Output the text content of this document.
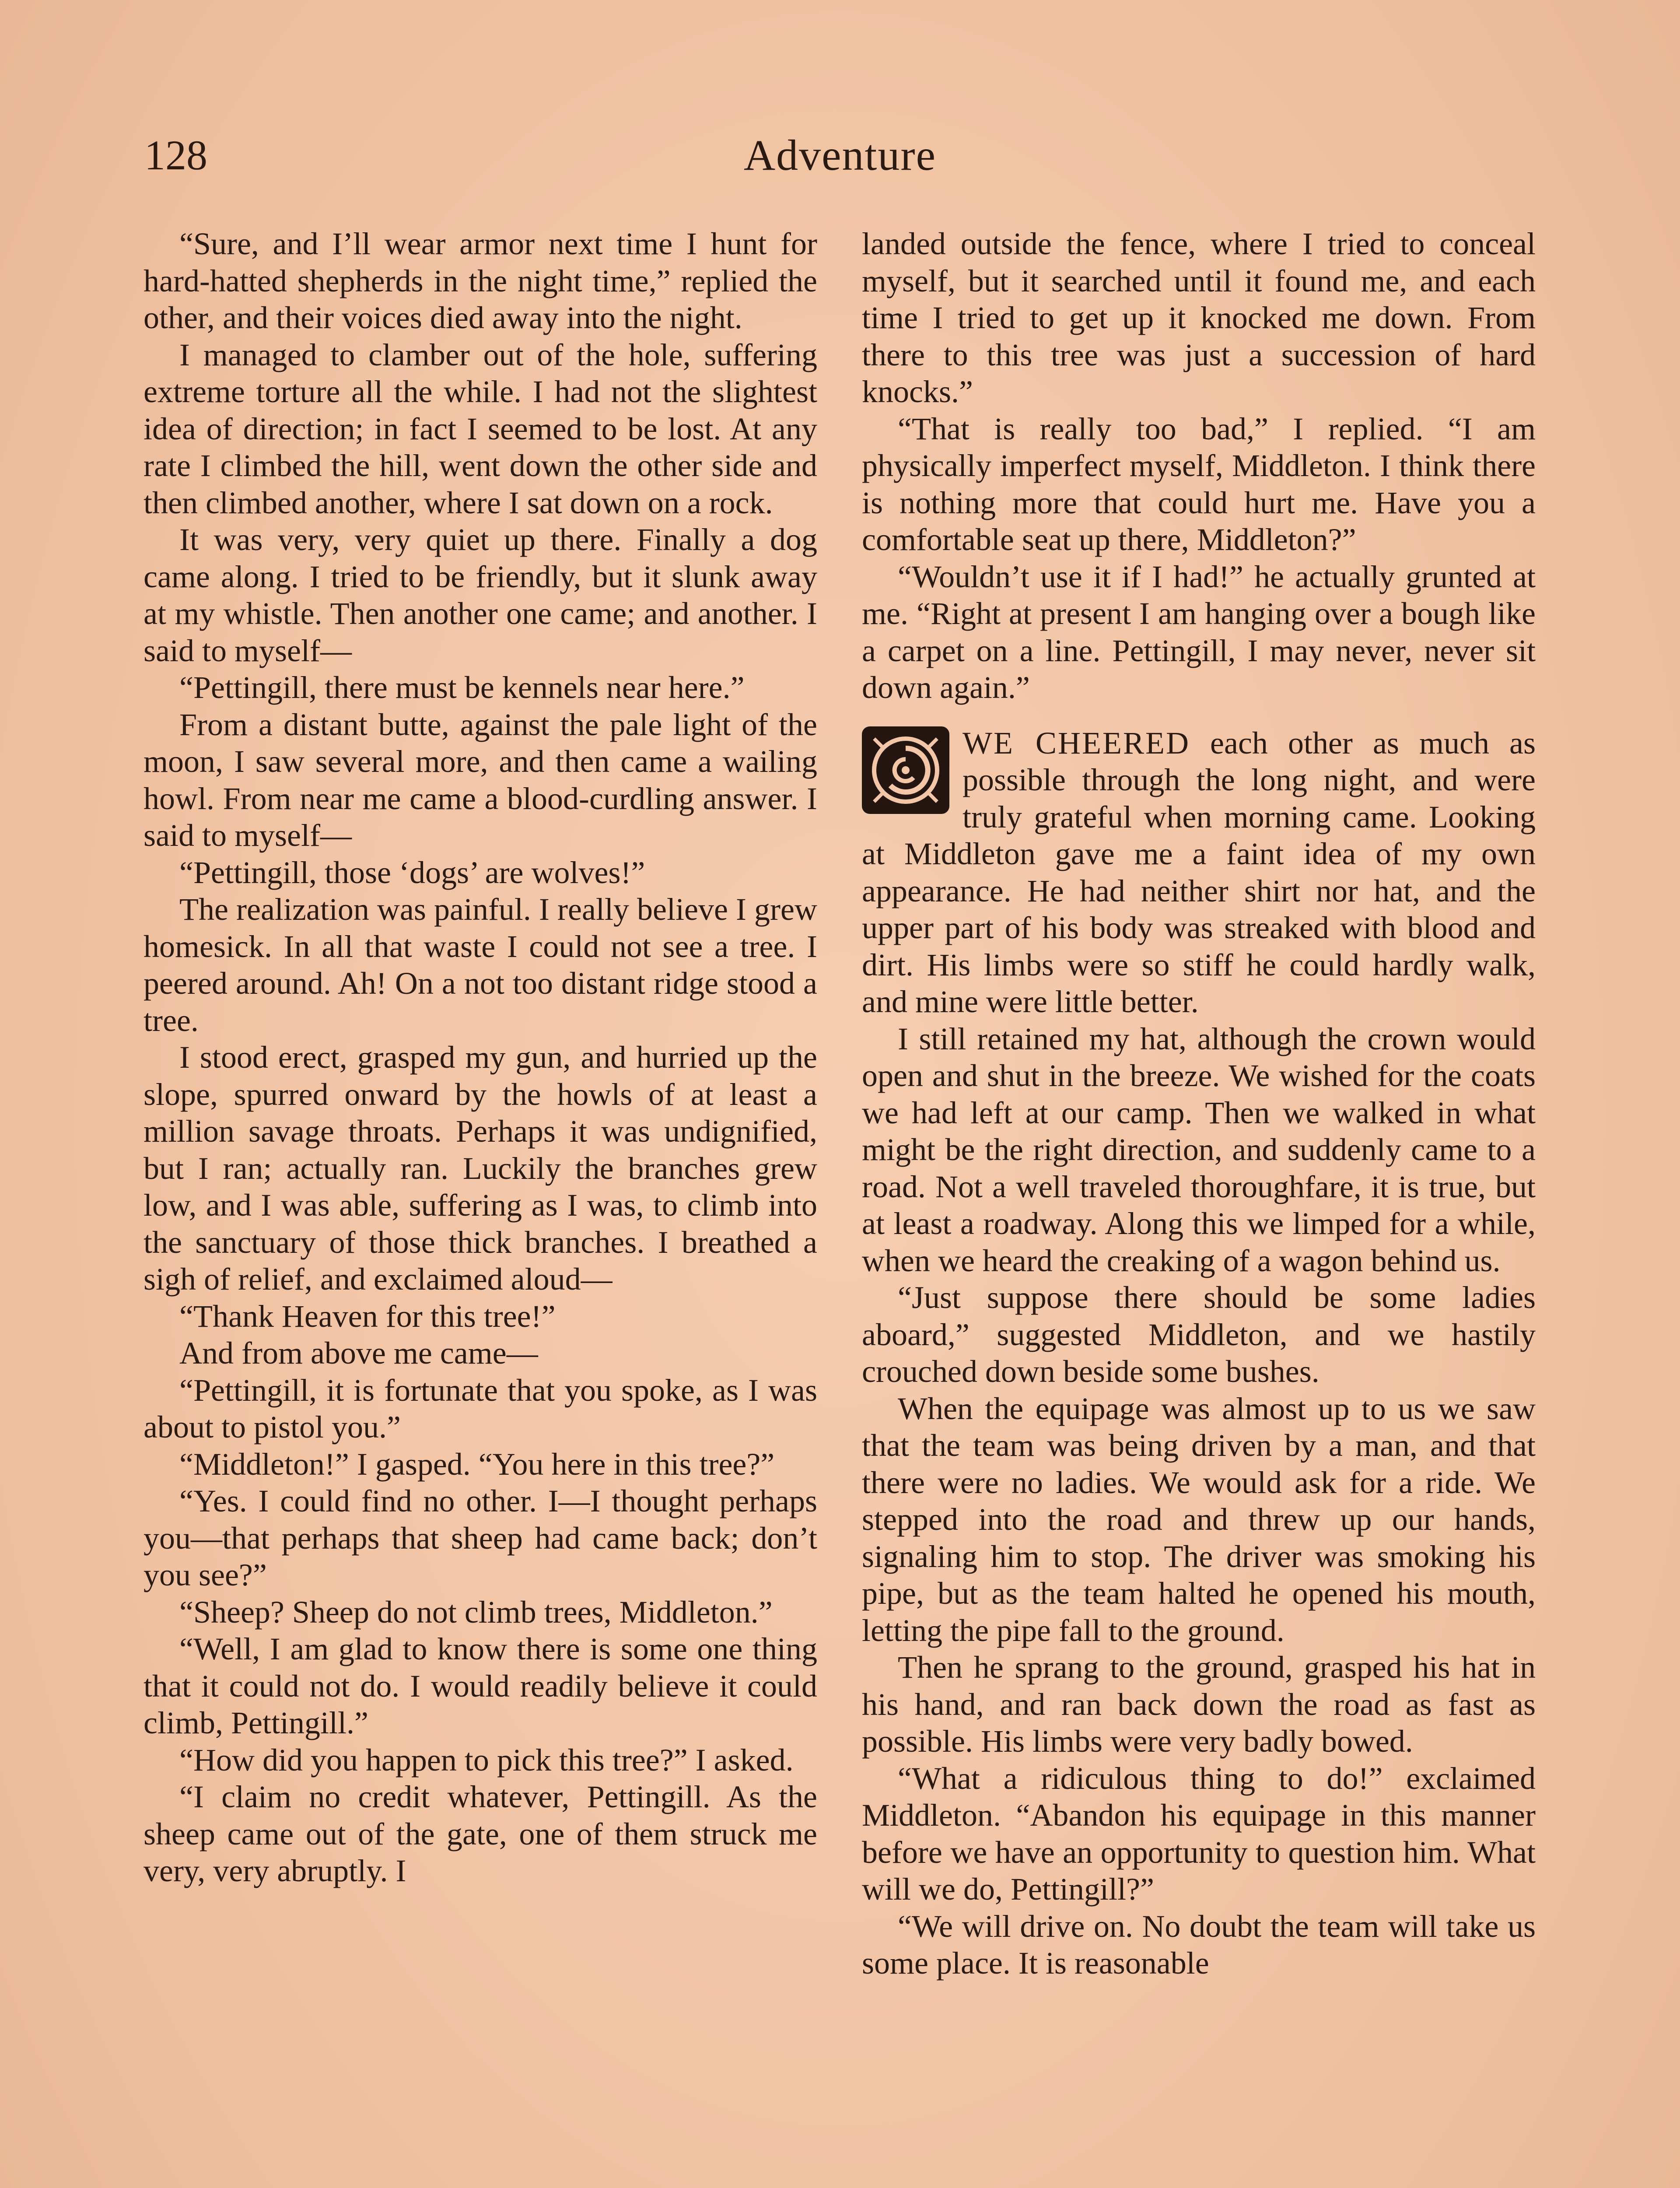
128	Adventure

“Sure, and I’ll wear armor next time I hunt for hard-hatted shepherds in the night time,” replied the other, and their voices died away into the night.

I managed to clamber out of the hole, suffering extreme torture all the while. I had not the slightest idea of direction; in fact I seemed to be lost. At any rate I climbed the hill, went down the other side and then climbed another, where I sat down on a rock.

It was very, very quiet up there. Finally a dog came along. I tried to be friendly, but it slunk away at my whistle. Then another one came; and another. I said to myself—

“Pettingill, there must be kennels near here.”

From a distant butte, against the pale light of the moon, I saw several more, and then came a wailing howl. From near me came a blood-curdling answer. I said to myself—

“Pettingill, those ‘dogs’ are wolves!”

The realization was painful. I really believe I grew homesick. In all that waste I could not see a tree. I peered around. Ah! On a not too distant ridge stood a tree.

I stood erect, grasped my gun, and hurried up the slope, spurred onward by the howls of at least a million savage throats. Perhaps it was undignified, but I ran; actually ran. Luckily the branches grew low, and I was able, suffering as I was, to climb into the sanctuary of those thick branches. I breathed a sigh of relief, and exclaimed aloud—

“Thank Heaven for this tree!”

And from above me came—

“Pettingill, it is fortunate that you spoke, as I was about to pistol you.”

“Middleton!” I gasped. “You here in this tree?”

“Yes. I could find no other. I—I thought perhaps you—that perhaps that sheep had came back; don’t you see?”

“Sheep? Sheep do not climb trees, Middleton.”

“Well, I am glad to know there is some one thing that it could not do. I would readily believe it could climb, Pettingill.”

“How did you happen to pick this tree?” I asked.

“I claim no credit whatever, Pettingill. As the sheep came out of the gate, one of them struck me very, very abruptly. I

landed outside the fence, where I tried to conceal myself, but it searched until it found me, and each time I tried to get up it knocked me down. From there to this tree was just a succession of hard knocks.”

“That is really too bad,” I replied. “I am physically imperfect myself, Middleton. I think there is nothing more that could hurt me. Have you a comfortable seat up there, Middleton?”

“Wouldn’t use it if I had!” he actually grunted at me. “Right at present I am hanging over a bough like a carpet on a line. Pettingill, I may never, never sit down again.”

WE CHEERED each other as much as possible through the long night, and were truly grateful when morning came. Looking at Middleton gave me a faint idea of my own appearance. He had neither shirt nor hat, and the upper part of his body was streaked with blood and dirt. His limbs were so stiff he could hardly walk, and mine were little better.

I still retained my hat, although the crown would open and shut in the breeze. We wished for the coats we had left at our camp. Then we walked in what might be the right direction, and suddenly came to a road. Not a well traveled thoroughfare, it is true, but at least a roadway. Along this we limped for a while, when we heard the creaking of a wagon behind us.

“Just suppose there should be some ladies aboard,” suggested Middleton, and we hastily crouched down beside some bushes.

When the equipage was almost up to us we saw that the team was being driven by a man, and that there were no ladies. We would ask for a ride. We stepped into the road and threw up our hands, signaling him to stop. The driver was smoking his pipe, but as the team halted he opened his mouth, letting the pipe fall to the ground.

Then he sprang to the ground, grasped his hat in his hand, and ran back down the road as fast as possible. His limbs were very badly bowed.

“What a ridiculous thing to do!” exclaimed Middleton. “Abandon his equipage in this manner before we have an opportunity to question him. What will we do, Pettingill?”

“We will drive on. No doubt the team will take us some place. It is reasonable
